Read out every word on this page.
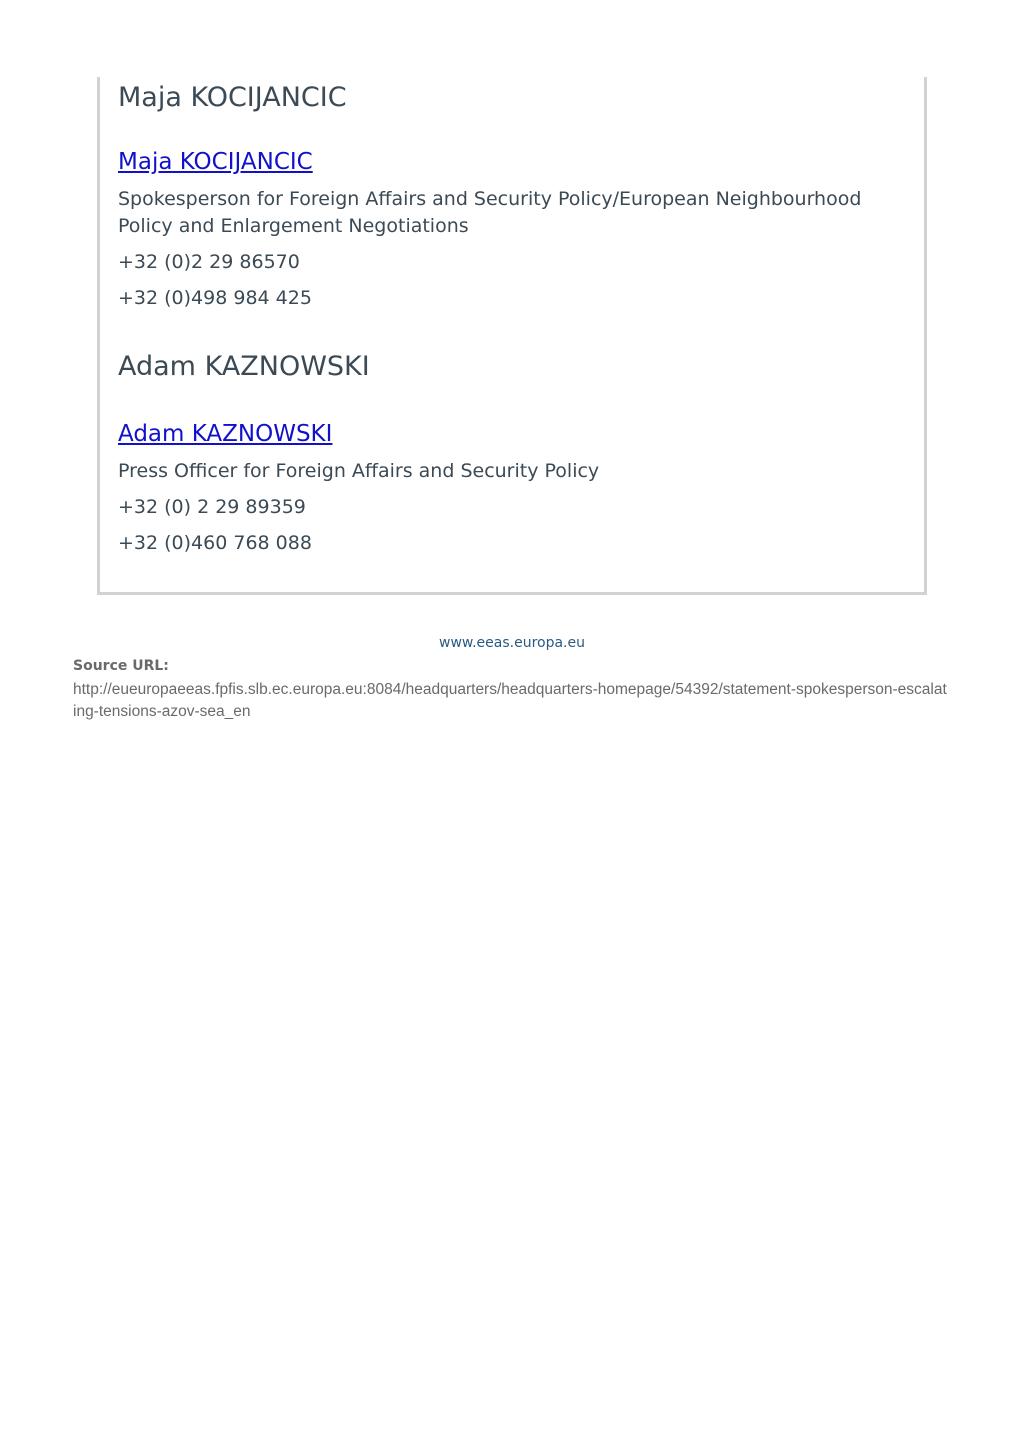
Maja KOCIJANCIC
Maja KOCIJANCIC
Spokesperson for Foreign Affairs and Security Policy/European Neighbourhood Policy and Enlargement Negotiations
+32 (0)2 29 86570
+32 (0)498 984 425
Adam KAZNOWSKI
Adam KAZNOWSKI
Press Officer for Foreign Affairs and Security Policy
+32 (0) 2 29 89359
+32 (0)460 768 088
www.eeas.europa.eu
Source URL:
http://eueuropaeeas.fpfis.slb.ec.europa.eu:8084/headquarters/headquarters-homepage/54392/statement-spokesperson-escalating-tensions-azov-sea_en
